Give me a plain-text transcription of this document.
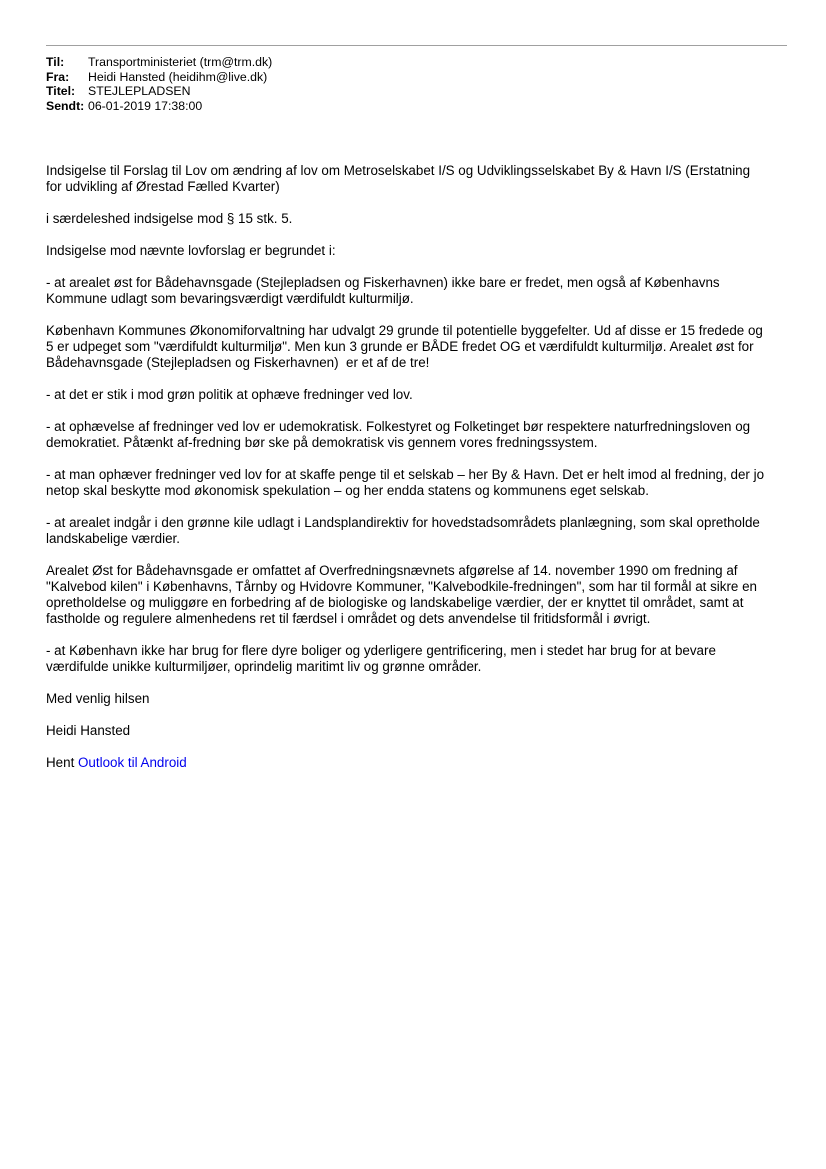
Til:	Transportministeriet (trm@trm.dk)
Fra:	Heidi Hansted (heidihm@live.dk)
Titel:	STEJLEPLADSEN
Sendt: 06-01-2019 17:38:00

Indsigelse til Forslag til Lov om ændring af lov om Metroselskabet I/S og Udviklingsselskabet By & Havn I/S (Erstatning
for udvikling af Ørestad Fælled Kvarter)

i særdeleshed indsigelse mod § 15 stk. 5.

Indsigelse mod nævnte lovforslag er begrundet i:

- at arealet øst for Bådehavnsgade (Stejlepladsen og Fiskerhavnen) ikke bare er fredet, men også af Københavns
Kommune udlagt som bevaringsværdigt værdifuldt kulturmiljø.

København Kommunes Økonomiforvaltning har udvalgt 29 grunde til potentielle byggefelter. Ud af disse er 15 fredede og
5 er udpeget som "værdifuldt kulturmiljø". Men kun 3 grunde er BÅDE fredet OG et værdifuldt kulturmiljø. Arealet øst for
Bådehavnsgade (Stejlepladsen og Fiskerhavnen)  er et af de tre!

- at det er stik i mod grøn politik at ophæve fredninger ved lov.

- at ophævelse af fredninger ved lov er udemokratisk. Folkestyret og Folketinget bør respektere naturfredningsloven og
demokratiet. Påtænkt af-fredning bør ske på demokratisk vis gennem vores fredningssystem.

- at man ophæver fredninger ved lov for at skaffe penge til et selskab – her By & Havn. Det er helt imod al fredning, der jo
netop skal beskytte mod økonomisk spekulation – og her endda statens og kommunens eget selskab.

- at arealet indgår i den grønne kile udlagt i Landsplandirektiv for hovedstadsområdets planlægning, som skal opretholde
landskabelige værdier.

Arealet Øst for Bådehavnsgade er omfattet af Overfredningsnævnets afgørelse af 14. november 1990 om fredning af
"Kalvebod kilen" i Københavns, Tårnby og Hvidovre Kommuner, "Kalvebodkile-fredningen", som har til formål at sikre en
opretholdelse og muliggøre en forbedring af de biologiske og landskabelige værdier, der er knyttet til området, samt at
fastholde og regulere almenhedens ret til færdsel i området og dets anvendelse til fritidsformål i øvrigt.

- at København ikke har brug for flere dyre boliger og yderligere gentrificering, men i stedet har brug for at bevare
værdifulde unikke kulturmiljøer, oprindelig maritimt liv og grønne områder.

Med venlig hilsen

Heidi Hansted

Hent Outlook til Android
